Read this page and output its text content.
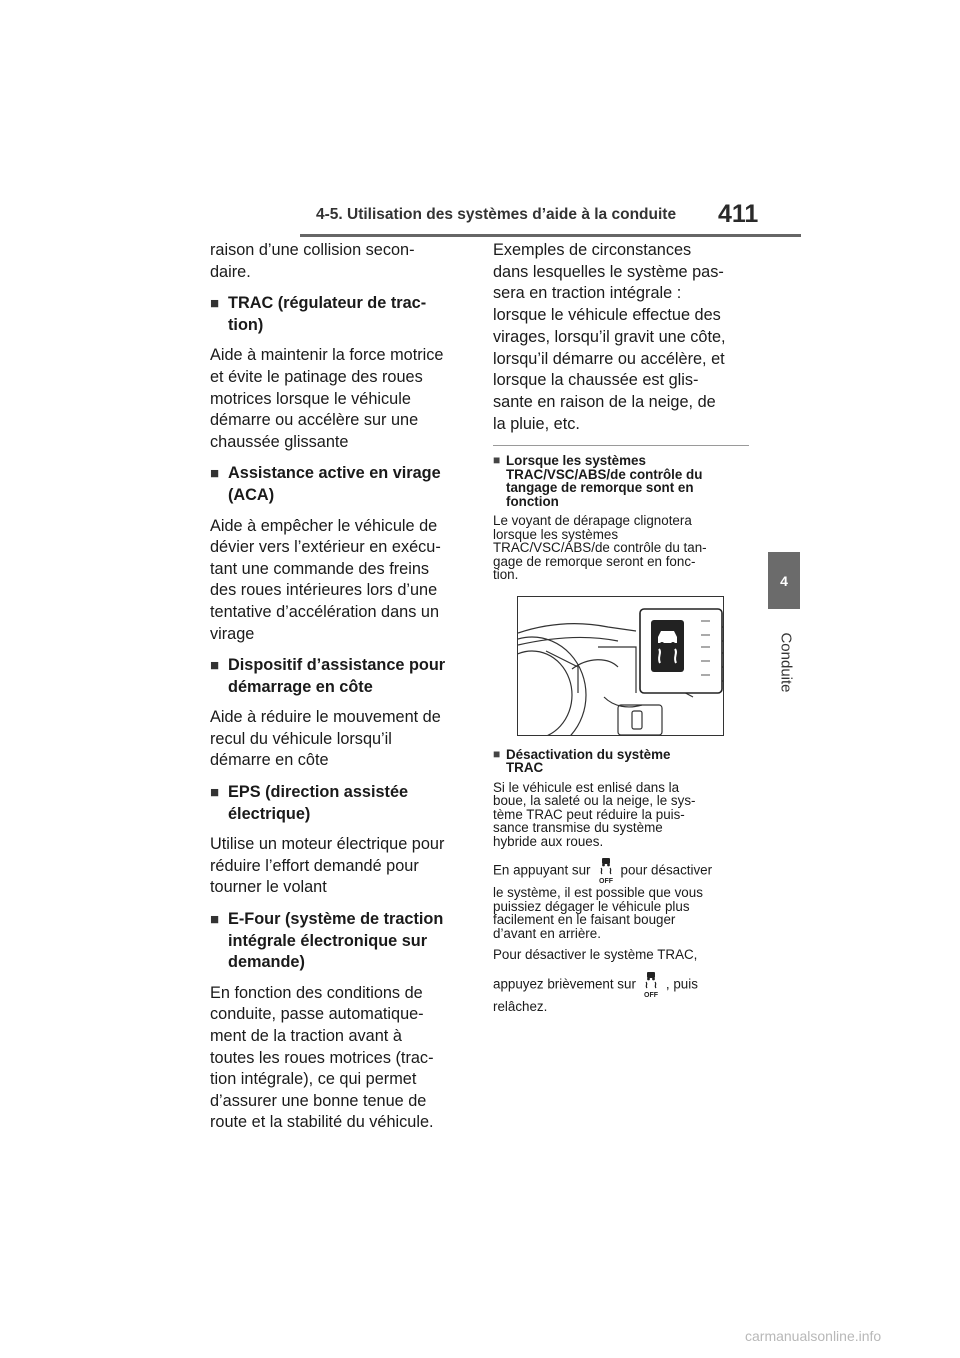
4-5. Utilisation des systèmes d’aide à la conduite 411
4
Conduite

raison d’une collision secon-
daire.

■ TRAC (régulateur de trac-
tion)

Aide à maintenir la force motrice
et évite le patinage des roues
motrices lorsque le véhicule
démarre ou accélère sur une
chaussée glissante

■ Assistance active en virage
(ACA)

Aide à empêcher le véhicule de
dévier vers l’extérieur en exécu-
tant une commande des freins
des roues intérieures lors d’une
tentative d’accélération dans un
virage

■ Dispositif d’assistance pour
démarrage en côte

Aide à réduire le mouvement de
recul du véhicule lorsqu’il
démarre en côte

■ EPS (direction assistée
électrique)

Utilise un moteur électrique pour
réduire l’effort demandé pour
tourner le volant

■ E-Four (système de traction
intégrale électronique sur
demande)

En fonction des conditions de
conduite, passe automatique-
ment de la traction avant à
toutes les roues motrices (trac-
tion intégrale), ce qui permet
d’assurer une bonne tenue de
route et la stabilité du véhicule.

Exemples de circonstances
dans lesquelles le système pas-
sera en traction intégrale :
lorsque le véhicule effectue des
virages, lorsqu’il gravit une côte,
lorsqu’il démarre ou accélère, et
lorsque la chaussée est glis-
sante en raison de la neige, de
la pluie, etc.

■ Lorsque les systèmes
TRAC/VSC/ABS/de contrôle du
tangage de remorque sont en
fonction

Le voyant de dérapage clignotera
lorsque les systèmes
TRAC/VSC/ABS/de contrôle du tan-
gage de remorque seront en fonc-
tion.

■ Désactivation du système
TRAC

Si le véhicule est enlisé dans la
boue, la saleté ou la neige, le sys-
tème TRAC peut réduire la puis-
sance transmise du système
hybride aux roues.

En appuyant sur
OFF
pour désactiver
le système, il est possible que vous
puissiez dégager le véhicule plus
facilement en le faisant bouger
d’avant en arrière.

Pour désactiver le système TRAC,

appuyez brièvement sur
OFF
, puis
relâchez.

carmanualsonline.info
